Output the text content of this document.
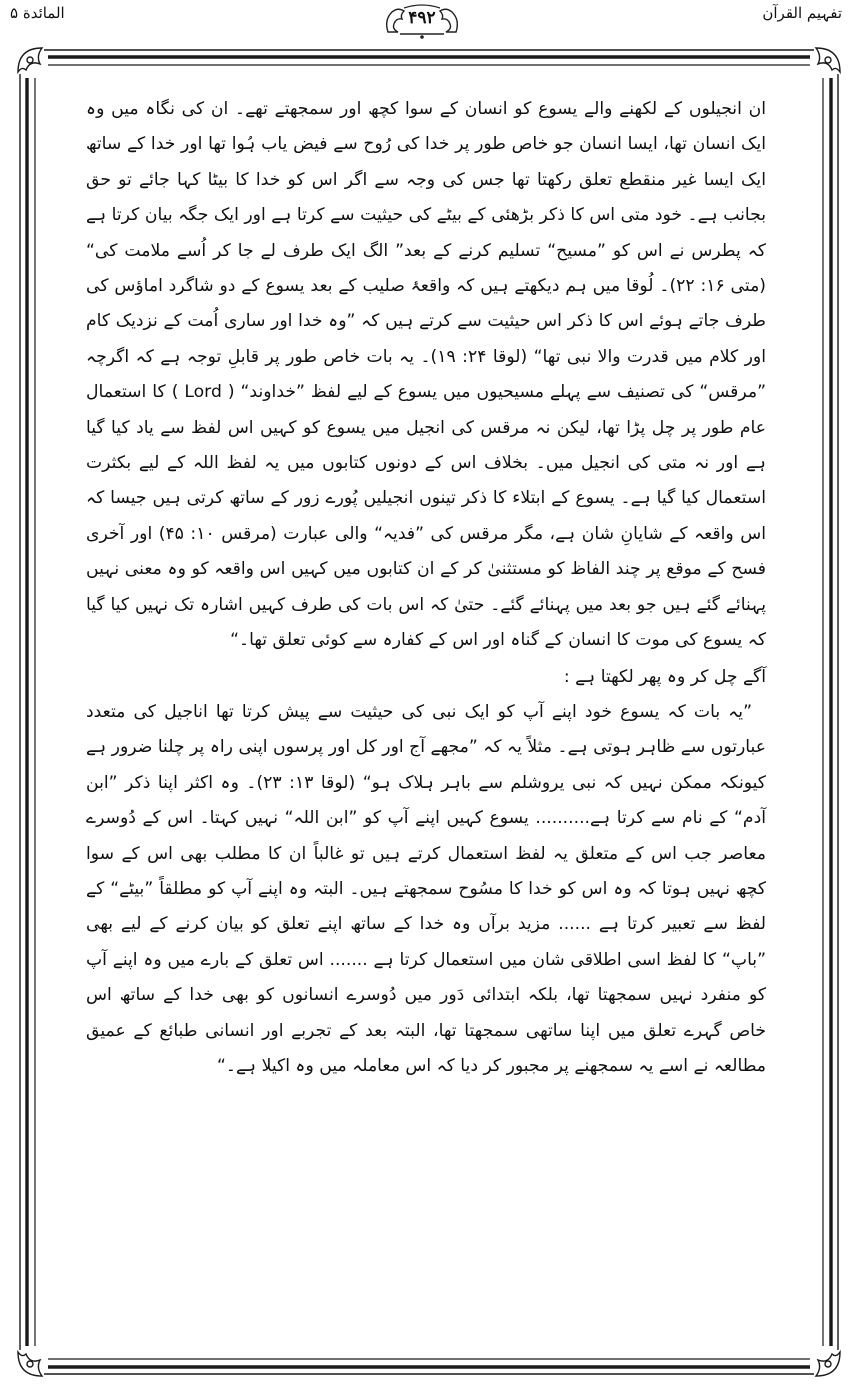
تفہیم القرآن
۴۹۲
المائدة ۵

ان انجیلوں کے لکھنے والے یسوع کو انسان کے سوا کچھ اور سمجھتے تھے۔ ان کی نگاہ میں وہ ایک انسان تھا، ایسا انسان جو خاص طور پر خدا کی رُوح سے فیض یاب ہُوا تھا اور خدا کے ساتھ ایک ایسا غیر منقطع تعلق رکھتا تھا جس کی وجہ سے اگر اس کو خدا کا بیٹا کہا جائے تو حق بجانب ہے۔ خود متی اس کا ذکر بڑھئی کے بیٹے کی حیثیت سے کرتا ہے اور ایک جگہ بیان کرتا ہے کہ پطرس نے اس کو ”مسیح“ تسلیم کرنے کے بعد” الگ ایک طرف لے جا کر اُسے ملامت کی“ (متی ۱۶: ۲۲)۔ لُوقا میں ہم دیکھتے ہیں کہ واقعۂ صلیب کے بعد یسوع کے دو شاگرد اماؤس کی طرف جاتے ہوئے اس کا ذکر اس حیثیت سے کرتے ہیں کہ ”وہ خدا اور ساری اُمت کے نزدیک کام اور کلام میں قدرت والا نبی تھا“ (لوقا ۲۴: ۱۹)۔ یہ بات خاص طور پر قابلِ توجہ ہے کہ اگرچہ ”مرقس“ کی تصنیف سے پہلے مسیحیوں میں یسوع کے لیے لفظ ”خداوند“ ( Lord ) کا استعمال عام طور پر چل پڑا تھا، لیکن نہ مرقس کی انجیل میں یسوع کو کہیں اس لفظ سے یاد کیا گیا ہے اور نہ متی کی انجیل میں۔ بخلاف اس کے دونوں کتابوں میں یہ لفظ اللہ کے لیے بکثرت استعمال کیا گیا ہے۔ یسوع کے ابتلاء کا ذکر تینوں انجیلیں پُورے زور کے ساتھ کرتی ہیں جیسا کہ اس واقعہ کے شایانِ شان ہے، مگر مرقس کی ”فدیہ“ والی عبارت (مرقس ۱۰: ۴۵) اور آخری فسح کے موقع پر چند الفاظ کو مستثنیٰ کر کے ان کتابوں میں کہیں اس واقعہ کو وہ معنی نہیں پہنائے گئے ہیں جو بعد میں پہنائے گئے۔ حتیٰ کہ اس بات کی طرف کہیں اشارہ تک نہیں کیا گیا کہ یسوع کی موت کا انسان کے گناہ اور اس کے کفارہ سے کوئی تعلق تھا۔“

آگے چل کر وہ پھر لکھتا ہے :

”یہ بات کہ یسوع خود اپنے آپ کو ایک نبی کی حیثیت سے پیش کرتا تھا اناجیل کی متعدد عبارتوں سے ظاہر ہوتی ہے۔ مثلاً یہ کہ ”مجھے آج اور کل اور پرسوں اپنی راہ پر چلنا ضرور ہے کیونکہ ممکن نہیں کہ نبی یروشلم سے باہر ہلاک ہو“ (لوقا ۱۳: ۲۳)۔ وہ اکثر اپنا ذکر ”ابن آدم“ کے نام سے کرتا ہے.......... یسوع کہیں اپنے آپ کو ”ابن اللہ“ نہیں کہتا۔ اس کے دُوسرے معاصر جب اس کے متعلق یہ لفظ استعمال کرتے ہیں تو غالباً ان کا مطلب بھی اس کے سوا کچھ نہیں ہوتا کہ وہ اس کو خدا کا مسُوح سمجھتے ہیں۔ البتہ وہ اپنے آپ کو مطلقاً ”بیٹے“ کے لفظ سے تعبیر کرتا ہے ...... مزید برآں وہ خدا کے ساتھ اپنے تعلق کو بیان کرنے کے لیے بھی ”باپ“ کا لفظ اسی اطلاقی شان میں استعمال کرتا ہے ....... اس تعلق کے بارے میں وہ اپنے آپ کو منفرد نہیں سمجھتا تھا، بلکہ ابتدائی دَور میں دُوسرے انسانوں کو بھی خدا کے ساتھ اس خاص گہرے تعلق میں اپنا ساتھی سمجھتا تھا، البتہ بعد کے تجربے اور انسانی طبائع کے عمیق مطالعہ نے اسے یہ سمجھنے پر مجبور کر دیا کہ اس معاملہ میں وہ اکیلا ہے۔“
